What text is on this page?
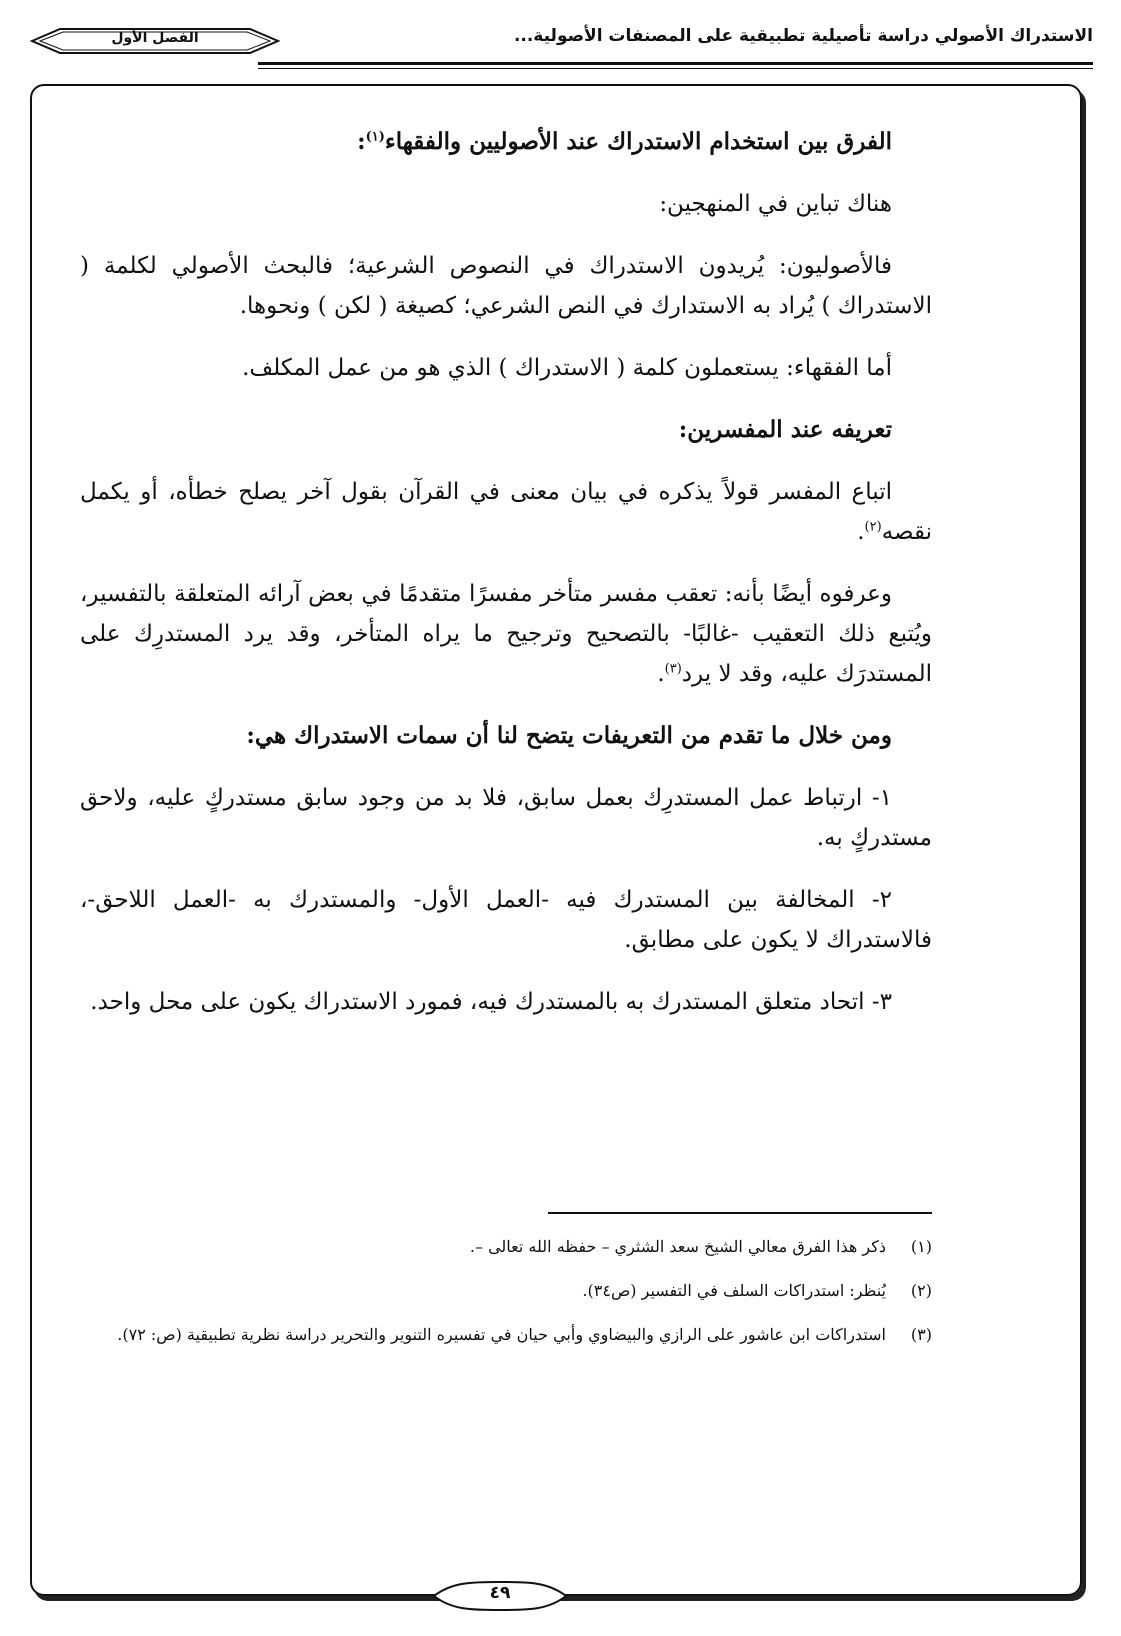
الاستدراك الأصولي دراسة تأصيلية تطبيقية على المصنفات الأصولية...
الفصل الأول

الفرق بين استخدام الاستدراك عند الأصوليين والفقهاء$^{(١)}$:

هناك تباين في المنهجين:

فالأصوليون: يُريدون الاستدراك في النصوص الشرعية؛ فالبحث الأصولي لكلمة ( الاستدراك ) يُراد به الاستدارك في النص الشرعي؛ كصيغة ( لكن ) ونحوها.

أما الفقهاء: يستعملون كلمة ( الاستدراك ) الذي هو من عمل المكلف.

تعريفه عند المفسرين:

اتباع المفسر قولاً يذكره في بيان معنى في القرآن بقول آخر يصلح خطأه، أو يكمل نقصه$^{(٢)}$.

وعرفوه أيضًا بأنه: تعقب مفسر متأخر مفسرًا متقدمًا في بعض آرائه المتعلقة بالتفسير، ويُتبع ذلك التعقيب -غالبًا- بالتصحيح وترجيح ما يراه المتأخر، وقد يرد المستدرِك على المستدرَك عليه، وقد لا يرد$^{(٣)}$.

ومن خلال ما تقدم من التعريفات يتضح لنا أن سمات الاستدراك هي:

١- ارتباط عمل المستدرِك بعمل سابق، فلا بد من وجود سابق مستدركٍ عليه، ولاحق مستدركٍ به.

٢- المخالفة بين المستدرك فيه -العمل الأول- والمستدرك به -العمل اللاحق-، فالاستدراك لا يكون على مطابق.

٣- اتحاد متعلق المستدرك به بالمستدرك فيه، فمورد الاستدراك يكون على محل واحد.

(١)
ذكر هذا الفرق معالي الشيخ سعد الشثري – حفظه الله تعالى –.
(٢)
يُنظر: استدراكات السلف في التفسير (ص٣٤).
(٣)
استدراكات ابن عاشور على الرازي والبيضاوي وأبي حيان في تفسيره التنوير والتحرير دراسة نظرية تطبيقية (ص: ٧٢).
٤٩
